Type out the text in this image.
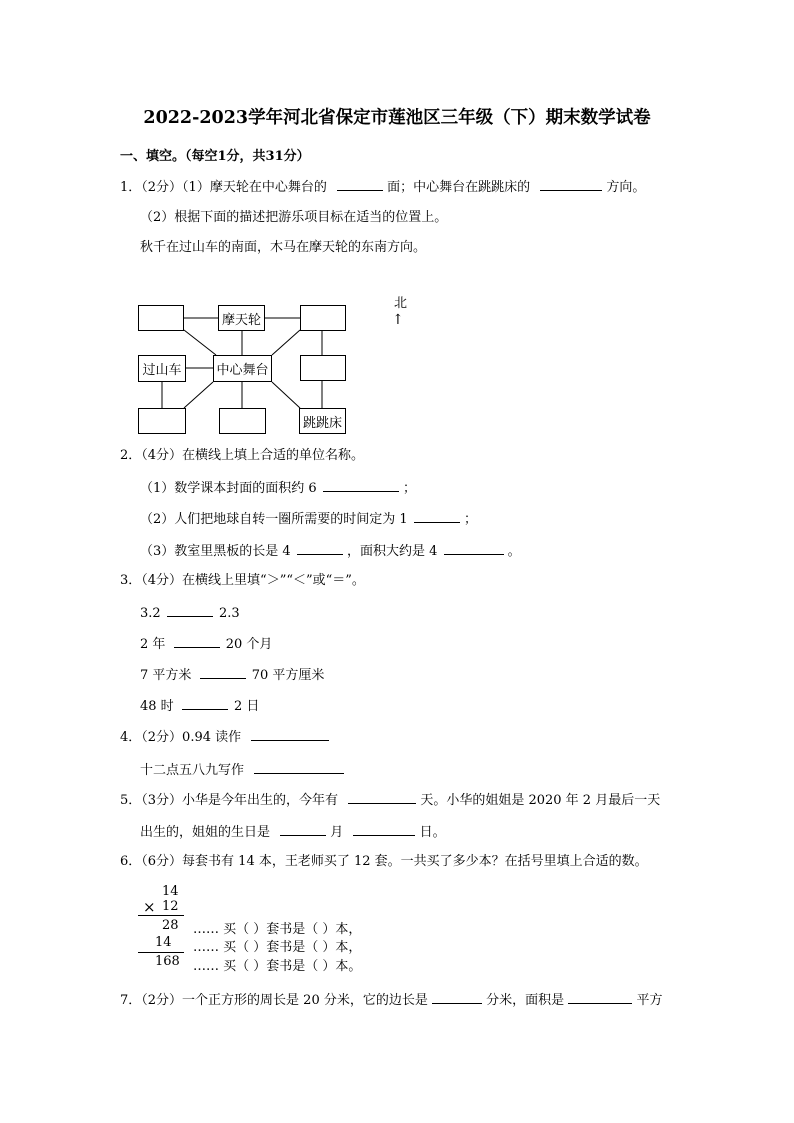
2022-2023学年河北省保定市莲池区三年级（下）期末数学试卷
一、填空。（每空1分，共31分）
1．（2分）（1）摩天轮在中心舞台的	面；中心舞台在跳跳床的	方向。
（2）根据下面的描述把游乐项目标在适当的位置上。
秋千在过山车的南面，木马在摩天轮的东南方向。
摩天轮
过山车	中心舞台
跳跳床
北
↑
2．（4分）在横线上填上合适的单位名称。
（1）数学课本封面的面积约 6	；
（2）人们把地球自转一圈所需要的时间定为 1	；
（3）教室里黑板的长是 4	，面积大约是 4	。
3．（4分）在横线上里填“＞”“＜”或“＝”。
3.2	2.3
2 年	20 个月
7 平方米	70 平方厘米
48 时	2 日
4．（2分）0.94 读作
十二点五八九写作
5．（3分）小华是今年出生的，今年有	天。小华的姐姐是 2020 年 2 月最后一天
出生的，姐姐的生日是	月	日。
6．（6分）每套书有 14 本，王老师买了 12 套。一共买了多少本？在括号里填上合适的数。
14
× 12
28
14
168
…… 买（ ）套书是（ ）本，
…… 买（ ）套书是（ ）本，
…… 买（ ）套书是（ ）本。
7．（2分）一个正方形的周长是 20 分米，它的边长是	分米，面积是	平方
